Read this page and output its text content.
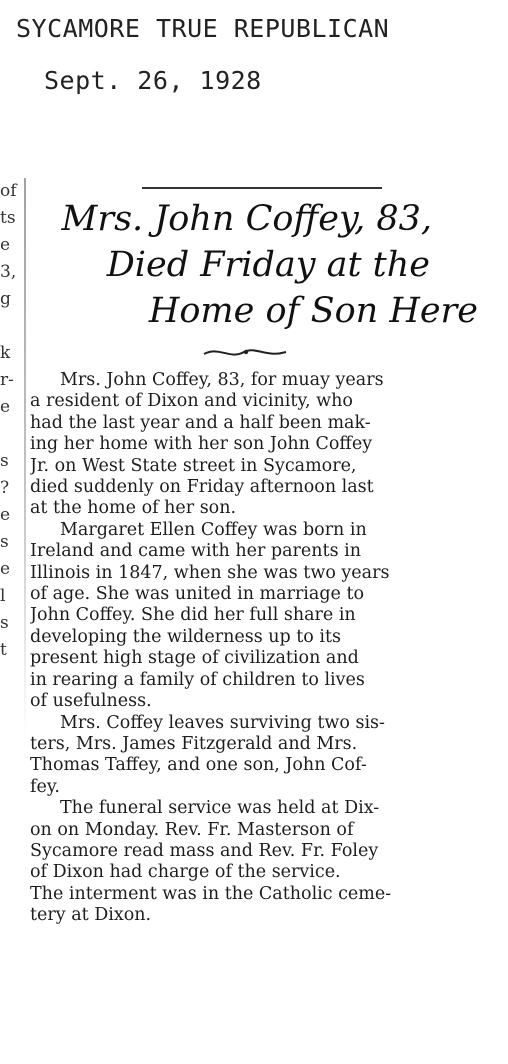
SYCAMORE TRUE REPUBLICAN
Sept. 26, 1928
of
ts
e
3,
g

k
r-
e

s
?
e
s
e
l
s
t
Mrs. John Coffey, 83,
Died Friday at the
Home of Son Here

Mrs. John Coffey, 83, for muay years
a resident of Dixon and vicinity, who
had the last year and a half been mak-
ing her home with her son John Coffey
Jr. on West State street in Sycamore,
died suddenly on Friday afternoon last
at the home of her son.

Margaret Ellen Coffey was born in
Ireland and came with her parents in
Illinois in 1847, when she was two years
of age. She was united in marriage to
John Coffey. She did her full share in
developing the wilderness up to its
present high stage of civilization and
in rearing a family of children to lives
of usefulness.

Mrs. Coffey leaves surviving two sis-
ters, Mrs. James Fitzgerald and Mrs.
Thomas Taffey, and one son, John Cof-
fey.

The funeral service was held at Dix-
on on Monday. Rev. Fr. Masterson of
Sycamore read mass and Rev. Fr. Foley
of Dixon had charge of the service.
The interment was in the Catholic ceme-
tery at Dixon.
